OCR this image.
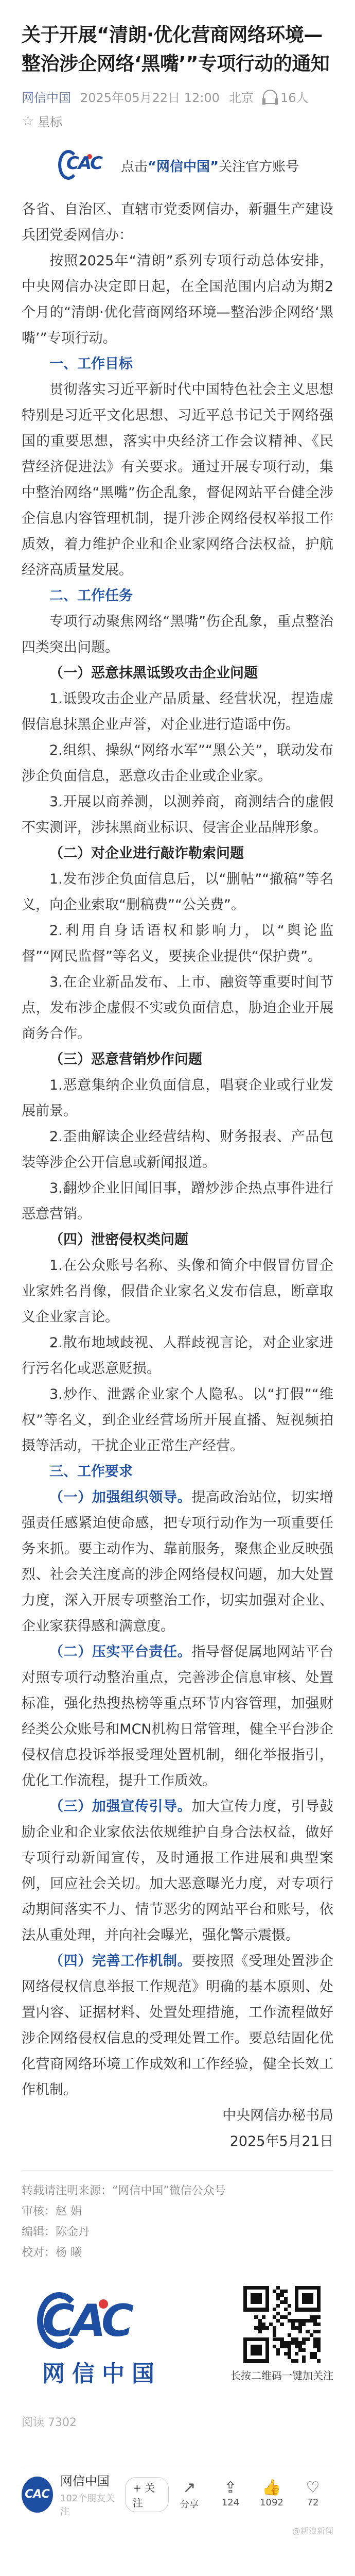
关于开展“清朗·优化营商网络环境—整治涉企网络‘黑嘴’”专项行动的通知
网信中国 2025年05月22日 12:00 北京 16人
☆ 星标
CAC 点击“网信中国”关注官方账号

各省、自治区、直辖市党委网信办，新疆生产建设兵团党委网信办：

按照2025年“清朗”系列专项行动总体安排，中央网信办决定即日起，在全国范围内启动为期2个月的“清朗·优化营商网络环境—整治涉企网络‘黑嘴’”专项行动。

一、工作目标

贯彻落实习近平新时代中国特色社会主义思想特别是习近平文化思想、习近平总书记关于网络强国的重要思想，落实中央经济工作会议精神、《民营经济促进法》有关要求。通过开展专项行动，集中整治网络“黑嘴”伤企乱象，督促网站平台健全涉企信息内容管理机制，提升涉企网络侵权举报工作质效，着力维护企业和企业家网络合法权益，护航经济高质量发展。

二、工作任务

专项行动聚焦网络“黑嘴”伤企乱象，重点整治四类突出问题。

（一）恶意抹黑诋毁攻击企业问题

1.诋毁攻击企业产品质量、经营状况，捏造虚假信息抹黑企业声誉，对企业进行造谣中伤。

2.组织、操纵“网络水军”“黑公关”，联动发布涉企负面信息，恶意攻击企业或企业家。

3.开展以商养测，以测养商，商测结合的虚假不实测评，涉抹黑商业标识、侵害企业品牌形象。

（二）对企业进行敲诈勒索问题

1.发布涉企负面信息后，以“删帖”“撤稿”等名义，向企业索取“删稿费”“公关费”。

2.利用自身话语权和影响力，以“舆论监督”“网民监督”等名义，要挟企业提供“保护费”。

3.在企业新品发布、上市、融资等重要时间节点，发布涉企虚假不实或负面信息，胁迫企业开展商务合作。

（三）恶意营销炒作问题

1.恶意集纳企业负面信息，唱衰企业或行业发展前景。

2.歪曲解读企业经营结构、财务报表、产品包装等涉企公开信息或新闻报道。

3.翻炒企业旧闻旧事，蹭炒涉企热点事件进行恶意营销。

（四）泄密侵权类问题

1.在公众账号名称、头像和简介中假冒仿冒企业家姓名肖像，假借企业家名义发布信息，断章取义企业家言论。

2.散布地域歧视、人群歧视言论，对企业家进行污名化或恶意贬损。

3.炒作、泄露企业家个人隐私。以“打假”“维权”等名义，到企业经营场所开展直播、短视频拍摄等活动，干扰企业正常生产经营。

三、工作要求

（一）加强组织领导。提高政治站位，切实增强责任感紧迫使命感，把专项行动作为一项重要任务来抓。要主动作为、靠前服务，聚焦企业反映强烈、社会关注度高的涉企网络侵权问题，加大处置力度，深入开展专项整治工作，切实加强对企业、企业家获得感和满意度。

（二）压实平台责任。指导督促属地网站平台对照专项行动整治重点，完善涉企信息审核、处置标准，强化热搜热榜等重点环节内容管理，加强财经类公众账号和MCN机构日常管理，健全平台涉企侵权信息投诉举报受理处置机制，细化举报指引，优化工作流程，提升工作质效。

（三）加强宣传引导。加大宣传力度，引导鼓励企业和企业家依法依规维护自身合法权益，做好专项行动新闻宣传，及时通报工作进展和典型案例，回应社会关切。加大恶意曝光力度，对专项行动期间落实不力、情节恶劣的网站平台和账号，依法从重处理，并向社会曝光，强化警示震慑。

（四）完善工作机制。要按照《受理处置涉企网络侵权信息举报工作规范》明确的基本原则、处置内容、证据材料、处置处理措施，工作流程做好涉企网络侵权信息的受理处置工作。要总结固化优化营商网络环境工作成效和工作经验，健全长效工作机制。

中央网信办秘书局

2025年5月21日

转载请注明来源：“网信中国”微信公众号
审核：赵 娟
编辑：陈金丹
校对：杨 曦
CAC
网信中国	长按二维码一键加关注
阅读 7302
CAC
网信中国
102个朋友关注
+ 关注
↗
分享
⇪
124
👍
1092
♡
72
@新浪新闻
